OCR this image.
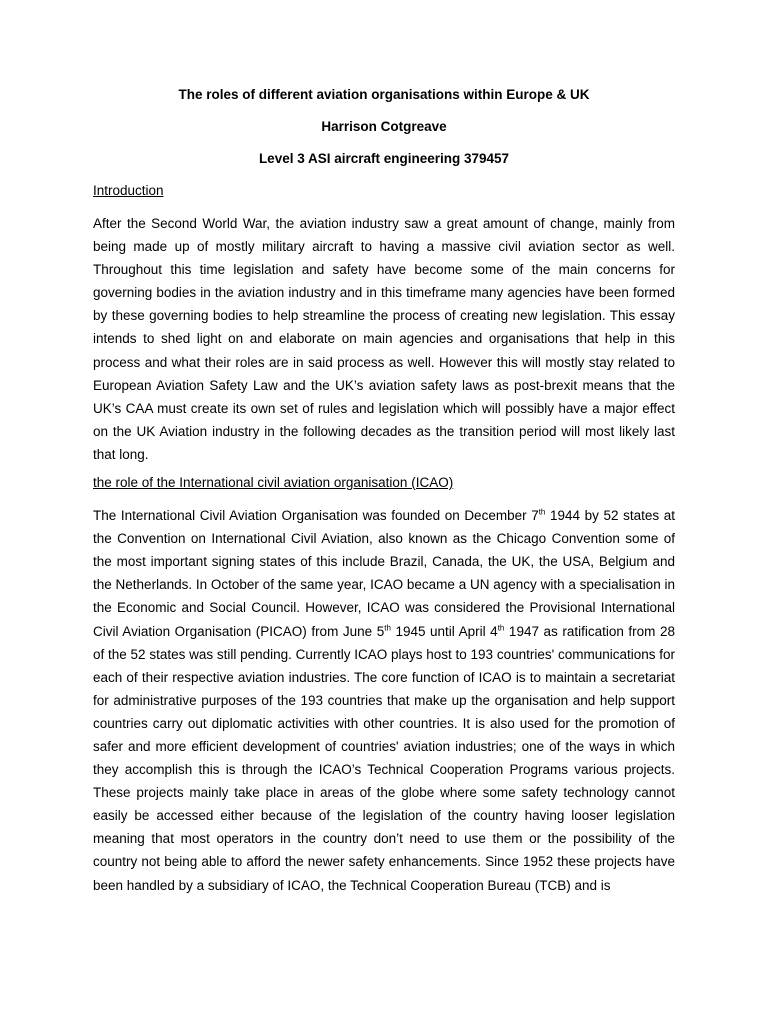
The roles of different aviation organisations within Europe & UK

Harrison Cotgreave

Level 3 ASI aircraft engineering 379457

Introduction

After the Second World War, the aviation industry saw a great amount of change, mainly from being made up of mostly military aircraft to having a massive civil aviation sector as well. Throughout this time legislation and safety have become some of the main concerns for governing bodies in the aviation industry and in this timeframe many agencies have been formed by these governing bodies to help streamline the process of creating new legislation. This essay intends to shed light on and elaborate on main agencies and organisations that help in this process and what their roles are in said process as well. However this will mostly stay related to European Aviation Safety Law and the UK’s aviation safety laws as post-brexit means that the UK’s CAA must create its own set of rules and legislation which will possibly have a major effect on the UK Aviation industry in the following decades as the transition period will most likely last that long.

the role of the International civil aviation organisation (ICAO)

The International Civil Aviation Organisation was founded on December 7th 1944 by 52 states at the Convention on International Civil Aviation, also known as the Chicago Convention some of the most important signing states of this include Brazil, Canada, the UK, the USA, Belgium and the Netherlands. In October of the same year, ICAO became a UN agency with a specialisation in the Economic and Social Council. However, ICAO was considered the Provisional International Civil Aviation Organisation (PICAO) from June 5th 1945 until April 4th 1947 as ratification from 28 of the 52 states was still pending. Currently ICAO plays host to 193 countries' communications for each of their respective aviation industries. The core function of ICAO is to maintain a secretariat for administrative purposes of the 193 countries that make up the organisation and help support countries carry out diplomatic activities with other countries. It is also used for the promotion of safer and more efficient development of countries' aviation industries; one of the ways in which they accomplish this is through the ICAO’s Technical Cooperation Programs various projects. These projects mainly take place in areas of the globe where some safety technology cannot easily be accessed either because of the legislation of the country having looser legislation meaning that most operators in the country don’t need to use them or the possibility of the country not being able to afford the newer safety enhancements. Since 1952 these projects have been handled by a subsidiary of ICAO, the Technical Cooperation Bureau (TCB) and is
